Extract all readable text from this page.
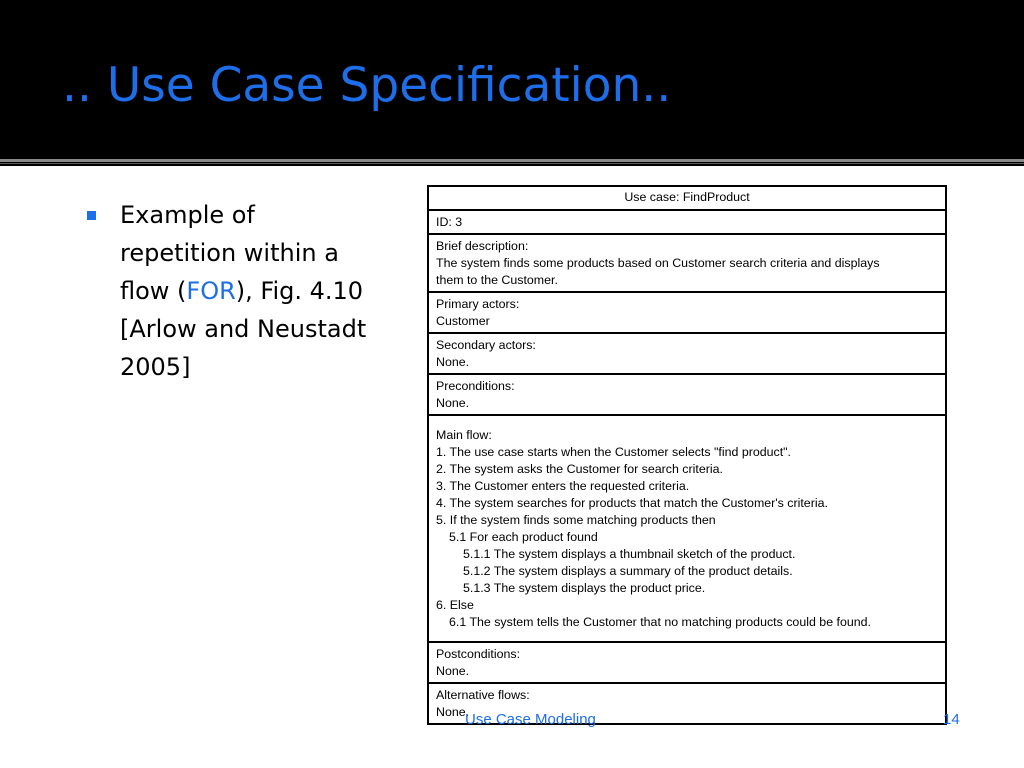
.. Use Case Specification..

Example of repetition within a flow (FOR), Fig. 4.10 [Arlow and Neustadt 2005]

Use case: FindProduct
ID: 3
Brief description:
The system finds some products based on Customer search criteria and displays
them to the Customer.
Primary actors:
Customer
Secondary actors:
None.
Preconditions:
None.
Main flow:
1. The use case starts when the Customer selects "find product".
2. The system asks the Customer for search criteria.
3. The Customer enters the requested criteria.
4. The system searches for products that match the Customer's criteria.
5. If the system finds some matching products then
5.1 For each product found
5.1.1 The system displays a thumbnail sketch of the product.
5.1.2 The system displays a summary of the product details.
5.1.3 The system displays the product price.
6. Else
6.1 The system tells the Customer that no matching products could be found.
Postconditions:
None.
Alternative flows:
None.
Use Case Modeling	14
